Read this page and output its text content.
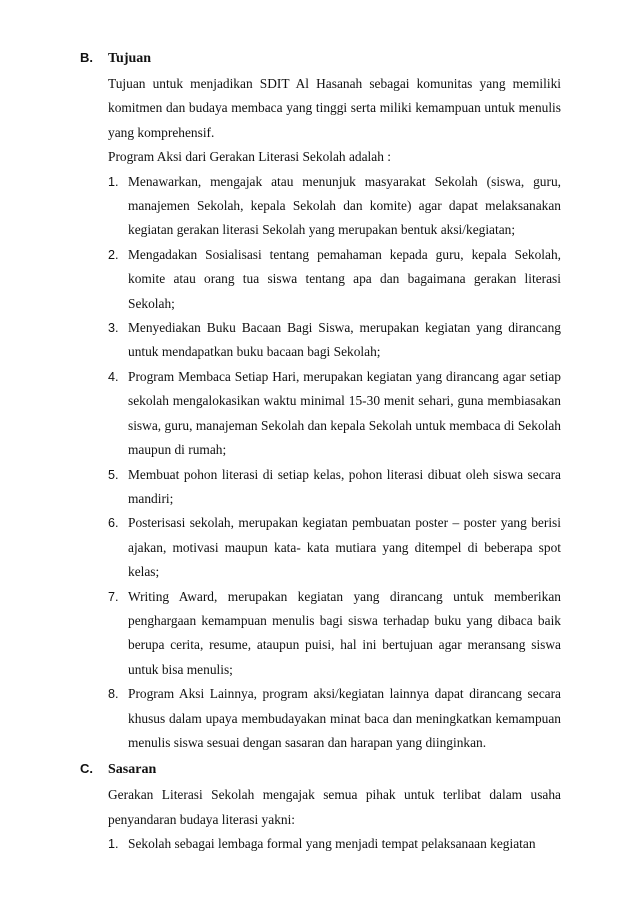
B.	Tujuan

Tujuan untuk menjadikan SDIT Al Hasanah sebagai komunitas yang memiliki komitmen dan budaya membaca yang tinggi serta miliki kemampuan untuk menulis yang komprehensif.

Program Aksi dari Gerakan Literasi Sekolah adalah :

1. Menawarkan, mengajak atau menunjuk masyarakat Sekolah (siswa, guru, manajemen Sekolah, kepala Sekolah dan komite) agar dapat melaksanakan kegiatan gerakan literasi Sekolah yang merupakan bentuk aksi/kegiatan;
2. Mengadakan Sosialisasi tentang pemahaman kepada guru, kepala Sekolah, komite atau orang tua siswa tentang apa dan bagaimana gerakan literasi Sekolah;
3. Menyediakan Buku Bacaan Bagi Siswa, merupakan kegiatan yang dirancang untuk mendapatkan buku bacaan bagi Sekolah;
4. Program Membaca Setiap Hari, merupakan kegiatan yang dirancang agar setiap sekolah mengalokasikan waktu minimal 15-30 menit sehari, guna membiasakan siswa, guru, manajeman Sekolah dan kepala Sekolah untuk membaca di Sekolah maupun di rumah;
5. Membuat pohon literasi di setiap kelas, pohon literasi dibuat oleh siswa secara mandiri;
6. Posterisasi sekolah, merupakan kegiatan pembuatan poster – poster yang berisi ajakan, motivasi maupun kata- kata mutiara yang ditempel di beberapa spot kelas;
7. Writing Award, merupakan kegiatan yang dirancang untuk memberikan penghargaan kemampuan menulis bagi siswa terhadap buku yang dibaca baik berupa cerita, resume, ataupun puisi, hal ini bertujuan agar meransang siswa untuk bisa menulis;
8. Program Aksi Lainnya, program aksi/kegiatan lainnya dapat dirancang secara khusus dalam upaya membudayakan minat baca dan meningkatkan kemampuan menulis siswa sesuai dengan sasaran dan harapan yang diinginkan.
C.	Sasaran

Gerakan Literasi Sekolah mengajak semua pihak untuk terlibat dalam usaha penyandaran budaya literasi yakni:

1. Sekolah sebagai lembaga formal yang menjadi tempat pelaksanaan kegiatan
